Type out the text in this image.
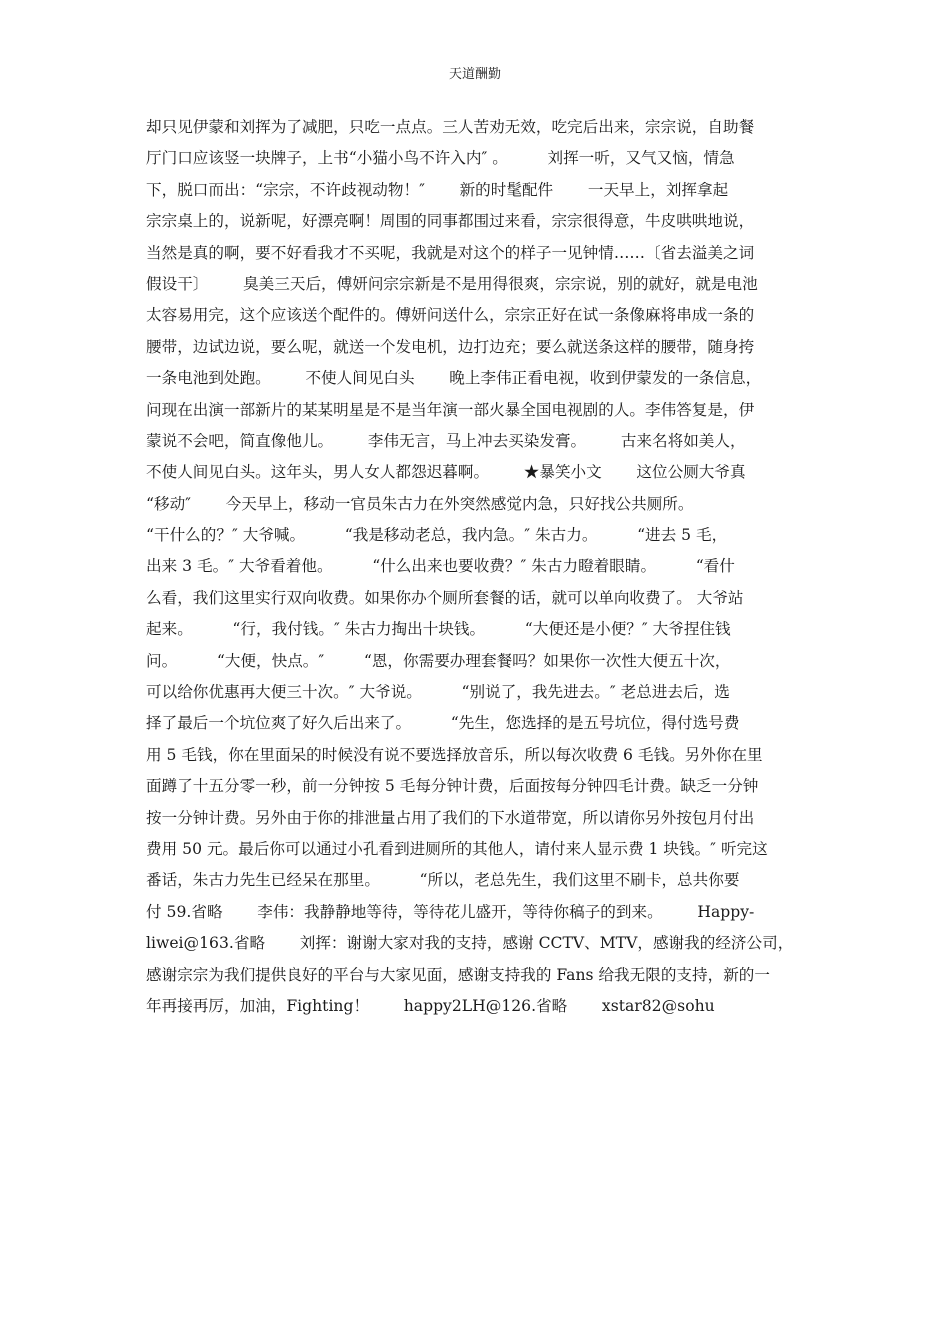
天道酬勤
却只见伊蒙和刘挥为了减肥，只吃一点点。三人苦劝无效，吃完后出来，宗宗说，自助餐
厅门口应该竖一块牌子，上书“小猫小鸟不许入内″ 。        刘挥一听，又气又恼，情急
下，脱口而出：“宗宗，不许歧视动物！″       新的时髦配件       一天早上，刘挥拿起
宗宗桌上的，说新呢，好漂亮啊！周围的同事都围过来看，宗宗很得意，牛皮哄哄地说，
当然是真的啊，要不好看我才不买呢，我就是对这个的样子一见钟情……〔省去溢美之词
假设干〕       臭美三天后，傅妍问宗宗新是不是用得很爽，宗宗说，别的就好，就是电池
太容易用完，这个应该送个配件的。傅妍问送什么，宗宗正好在试一条像麻将串成一条的
腰带，边试边说，要么呢，就送一个发电机，边打边充；要么就送条这样的腰带，随身挎
一条电池到处跑。       不使人间见白头       晚上李伟正看电视，收到伊蒙发的一条信息，
问现在出演一部新片的某某明星是不是当年演一部火暴全国电视剧的人。李伟答复是，伊
蒙说不会吧，简直像他儿。       李伟无言，马上冲去买染发膏。       古来名将如美人，
不使人间见白头。这年头，男人女人都怨迟暮啊。       ★暴笑小文       这位公厕大爷真
“移动″       今天早上，移动一官员朱古力在外突然感觉内急，只好找公共厕所。
“干什么的？″ 大爷喊。        “我是移动老总，我内急。″ 朱古力。        “进去 5 毛，
出来 3 毛。″ 大爷看着他。        “什么出来也要收费？″ 朱古力瞪着眼睛。        “看什
么看，我们这里实行双向收费。如果你办个厕所套餐的话，就可以单向收费了。 大爷站
起来。        “行，我付钱。″ 朱古力掏出十块钱。        “大便还是小便？″ 大爷捏住钱
问。        “大便，快点。″        “恩，你需要办理套餐吗？如果你一次性大便五十次，
可以给你优惠再大便三十次。″ 大爷说。        “别说了，我先进去。″ 老总进去后，选
择了最后一个坑位爽了好久后出来了。        “先生，您选择的是五号坑位，得付选号费
用 5 毛钱，你在里面呆的时候没有说不要选择放音乐，所以每次收费 6 毛钱。另外你在里
面蹲了十五分零一秒，前一分钟按 5 毛每分钟计费，后面按每分钟四毛计费。缺乏一分钟
按一分钟计费。另外由于你的排泄量占用了我们的下水道带宽，所以请你另外按包月付出
费用 50 元。最后你可以通过小孔看到进厕所的其他人，请付来人显示费 1 块钱。″ 听完这
番话，朱古力先生已经呆在那里。        “所以，老总先生，我们这里不刷卡，总共你要
付 59.省略       李伟：我静静地等待，等待花儿盛开，等待你稿子的到来。       Happy-
liwei@163.省略       刘挥：谢谢大家对我的支持，感谢 CCTV、MTV，感谢我的经济公司，
感谢宗宗为我们提供良好的平台与大家见面，感谢支持我的 Fans 给我无限的支持，新的一
年再接再厉，加油，Fighting！       happy2LH@126.省略       xstar82@sohu
